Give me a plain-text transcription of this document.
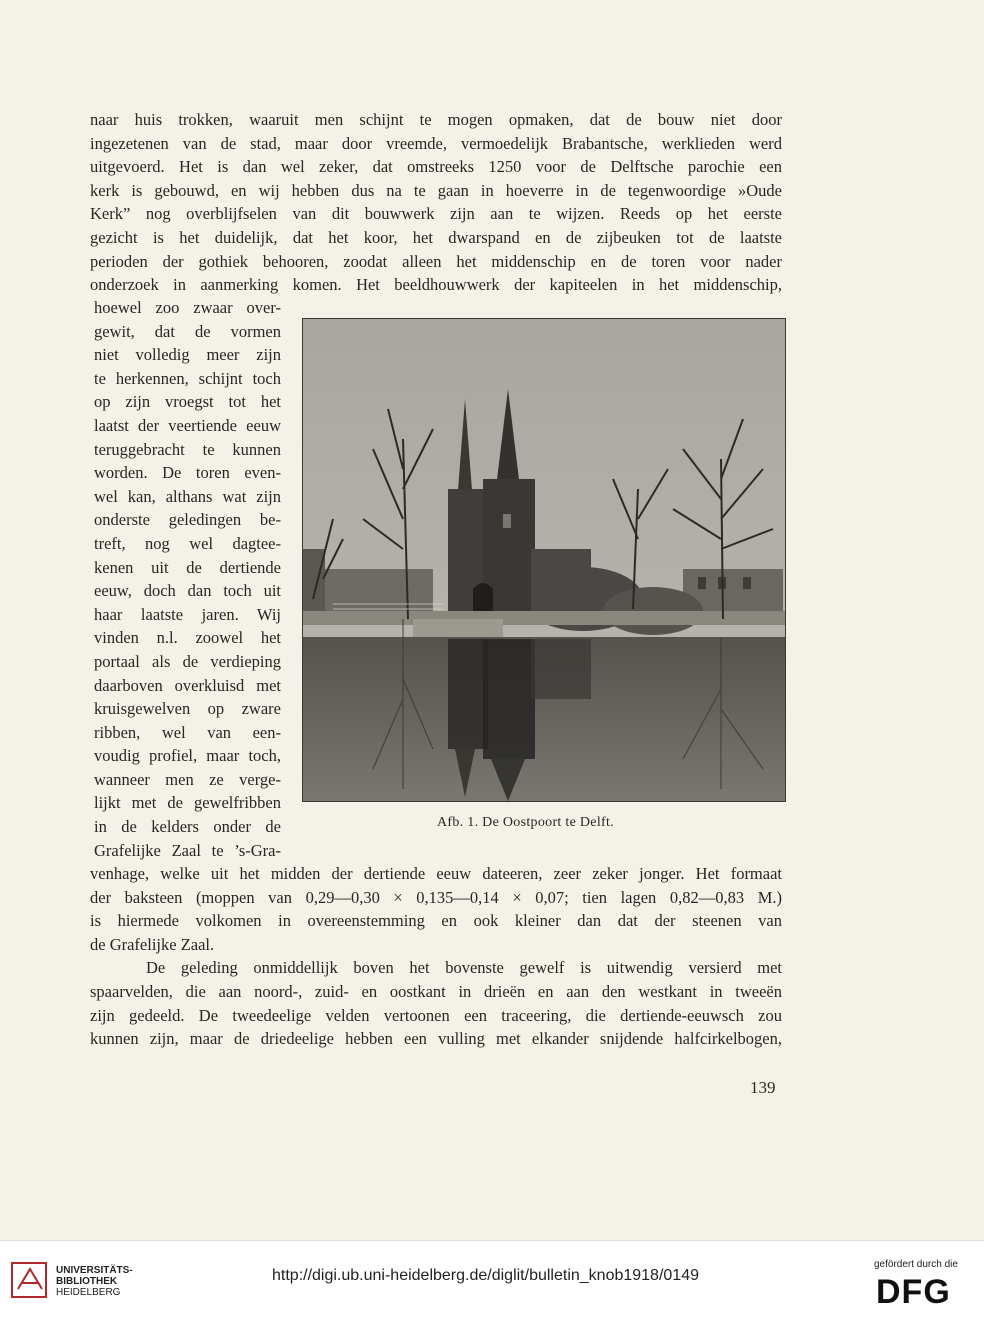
naar huis trokken, waaruit men schijnt te mogen opmaken, dat de bouw niet door

ingezetenen van de stad, maar door vreemde, vermoedelijk Brabantsche, werklieden werd

uitgevoerd. Het is dan wel zeker, dat omstreeks 1250 voor de Delftsche parochie een

kerk is gebouwd, en wij hebben dus na te gaan in hoeverre in de tegenwoordige »Oude

Kerk” nog overblijfselen van dit bouwwerk zijn aan te wijzen. Reeds op het eerste

gezicht is het duidelijk, dat het koor, het dwarspand en de zijbeuken tot de laatste

perioden der gothiek behooren, zoodat alleen het middenschip en de toren voor nader

onderzoek in aanmerking komen. Het beeldhouwwerk der kapiteelen in het middenschip,

hoewel zoo zwaar over-

gewit, dat de vormen

niet volledig meer zijn

te herkennen, schijnt toch

op zijn vroegst tot het

laatst der veertiende eeuw

teruggebracht te kunnen

worden. De toren even-

wel kan, althans wat zijn

onderste geledingen be-

treft, nog wel dagtee-

kenen uit de dertiende

eeuw, doch dan toch uit

haar laatste jaren. Wij

vinden n.l. zoowel het

portaal als de verdieping

daarboven overkluisd met

kruisgewelven op zware

ribben, wel van een-

voudig profiel, maar toch,

wanneer men ze verge-

lijkt met de gewelfribben

in de kelders onder de

Grafelijke Zaal te ’s-Gra-

Afb. 1. De Oostpoort te Delft.

venhage, welke uit het midden der dertiende eeuw dateeren, zeer zeker jonger. Het formaat

der baksteen (moppen van 0,29—0,30 × 0,135—0,14 × 0,07; tien lagen 0,82—0,83 M.)

is hiermede volkomen in overeenstemming en ook kleiner dan dat der steenen van

de Grafelijke Zaal.

De geleding onmiddellijk boven het bovenste gewelf is uitwendig versierd met

spaarvelden, die aan noord-, zuid- en oostkant in drieën en aan den westkant in tweeën

zijn gedeeld. De tweedeelige velden vertoonen een traceering, die dertiende-eeuwsch zou

kunnen zijn, maar de driedeelige hebben een vulling met elkander snijdende halfcirkelbogen,

139
UNIVERSITÄTS-
BIBLIOTHEK
HEIDELBERG
http://digi.ub.uni-heidelberg.de/diglit/bulletin_knob1918/0149
gefördert durch die
DFG
